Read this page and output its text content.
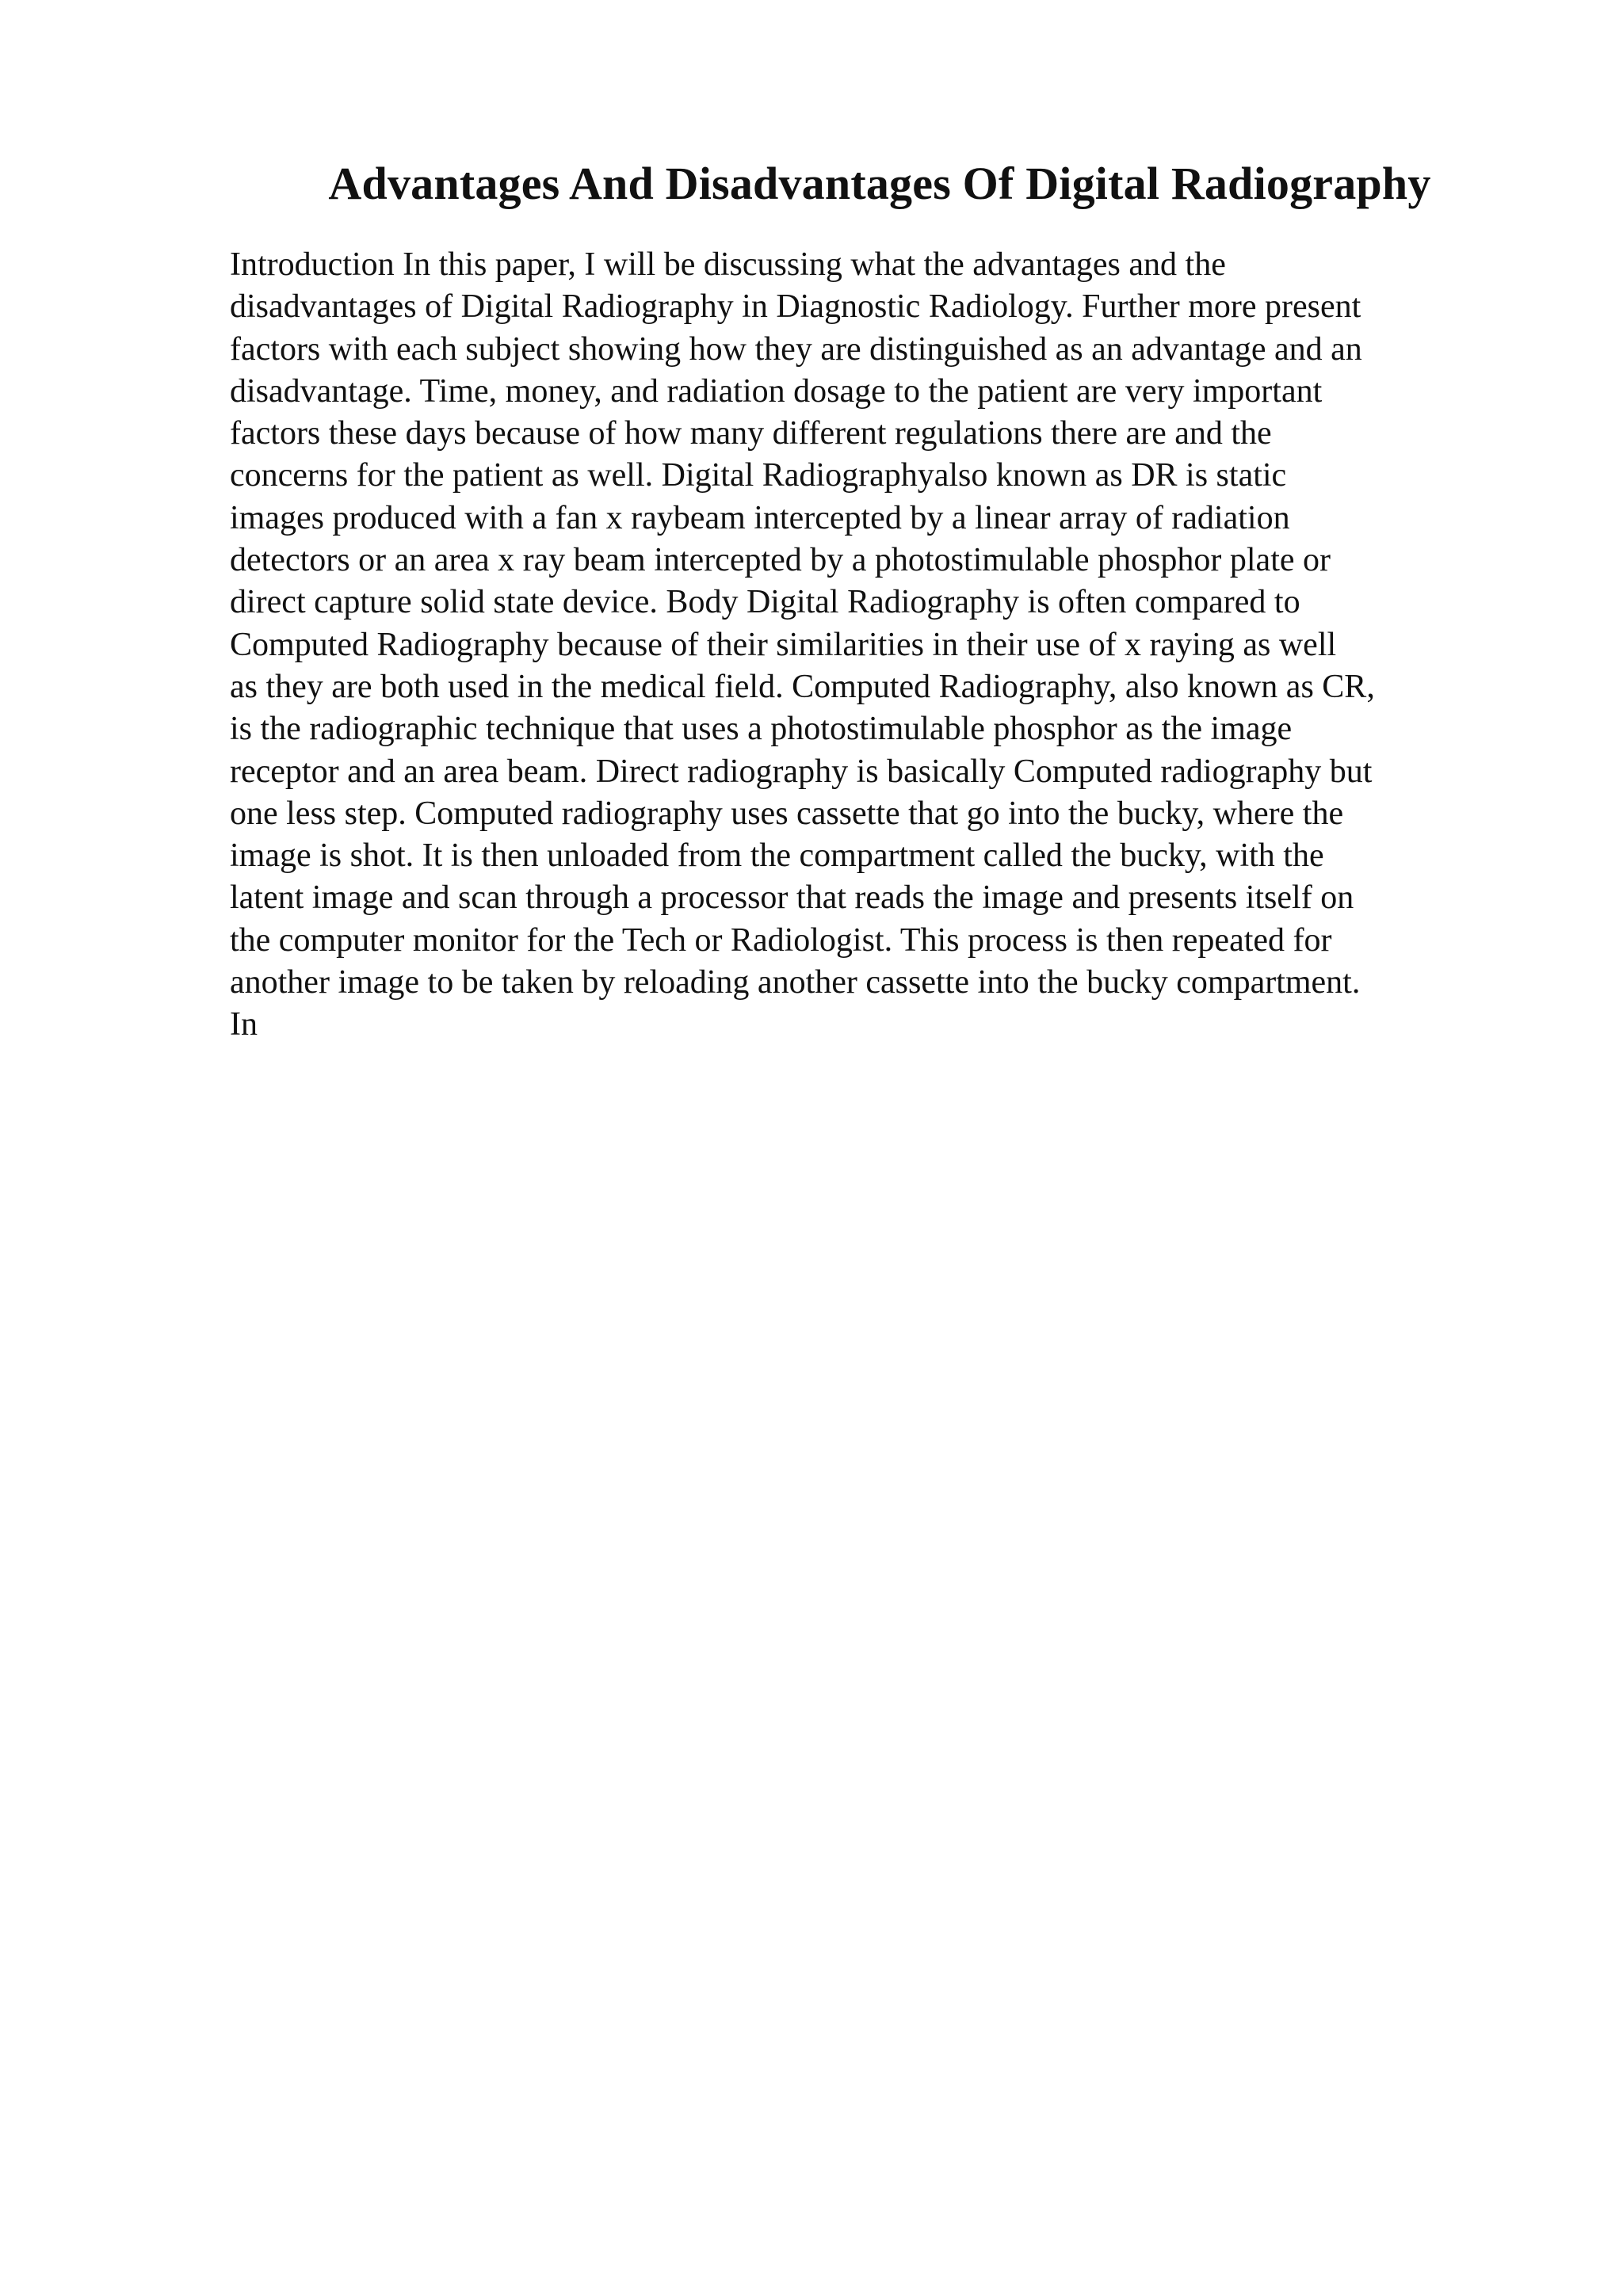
Advantages And Disadvantages Of Digital Radiography
Introduction In this paper, I will be discussing what the advantages and the
disadvantages of Digital Radiography in Diagnostic Radiology. Further more present
factors with each subject showing how they are distinguished as an advantage and an
disadvantage. Time, money, and radiation dosage to the patient are very important
factors these days because of how many different regulations there are and the
concerns for the patient as well. Digital Radiographyalso known as DR is static
images produced with a fan x raybeam intercepted by a linear array of radiation
detectors or an area x ray beam intercepted by a photostimulable phosphor plate or
direct capture solid state device. Body Digital Radiography is often compared to
Computed Radiography because of their similarities in their use of x raying as well
as they are both used in the medical field. Computed Radiography, also known as CR,
is the radiographic technique that uses a photostimulable phosphor as the image
receptor and an area beam. Direct radiography is basically Computed radiography but
one less step. Computed radiography uses cassette that go into the bucky, where the
image is shot. It is then unloaded from the compartment called the bucky, with the
latent image and scan through a processor that reads the image and presents itself on
the computer monitor for the Tech or Radiologist. This process is then repeated for
another image to be taken by reloading another cassette into the bucky compartment.
In
